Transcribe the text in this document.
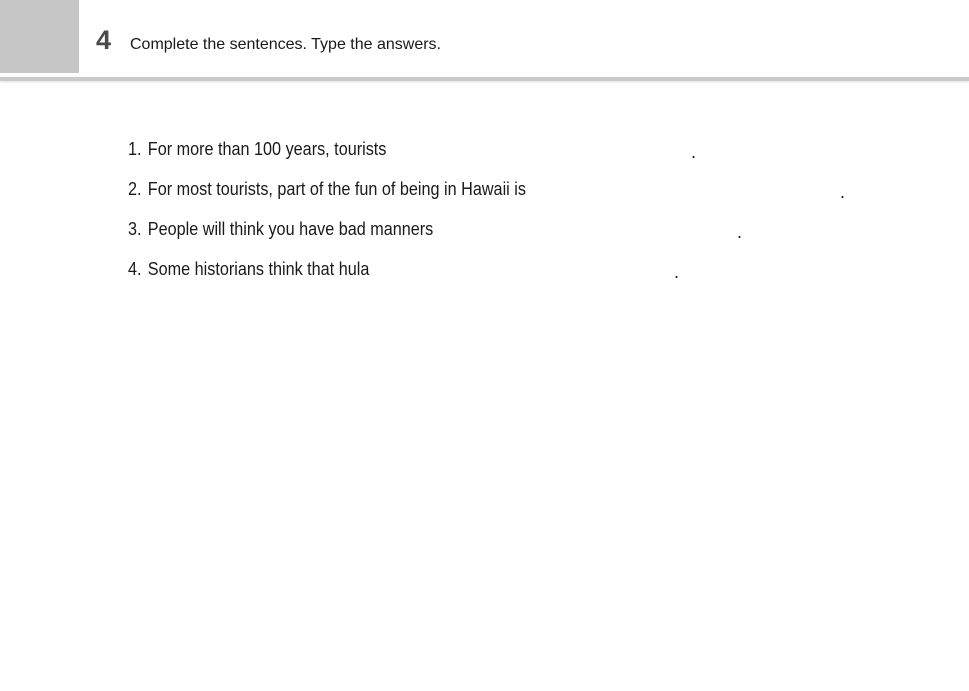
4 Complete the sentences. Type the answers.
1. For more than 100 years, tourists	.
2. For most tourists, part of the fun of being in Hawaii is	.
3. People will think you have bad manners	.
4. Some historians think that hula	.
